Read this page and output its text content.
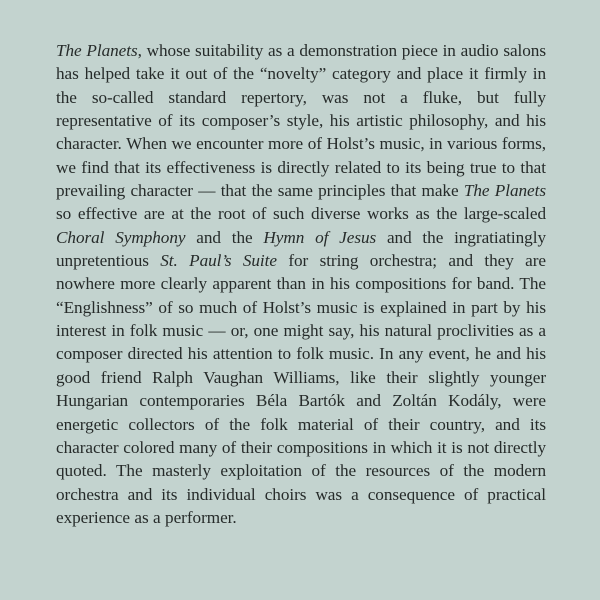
The Planets, whose suitability as a demonstration piece in audio salons has helped take it out of the “novelty” category and place it firmly in the so-called standard repertory, was not a fluke, but fully representative of its composer’s style, his artistic philosophy, and his character. When we encounter more of Holst’s music, in various forms, we find that its effectiveness is directly related to its being true to that prevailing character — that the same principles that make The Planets so effective are at the root of such diverse works as the large-scaled Choral Symphony and the Hymn of Jesus and the ingratiatingly unpretentious St. Paul’s Suite for string orchestra; and they are nowhere more clearly apparent than in his compositions for band. The “Englishness” of so much of Holst’s music is explained in part by his interest in folk music — or, one might say, his natural proclivities as a composer directed his attention to folk music. In any event, he and his good friend Ralph Vaughan Williams, like their slightly younger Hungarian contemporaries Béla Bartók and Zoltán Kodály, were energetic collectors of the folk material of their country, and its character colored many of their compositions in which it is not directly quoted. The masterly exploitation of the resources of the modern orchestra and its individual choirs was a consequence of practical experience as a performer.
